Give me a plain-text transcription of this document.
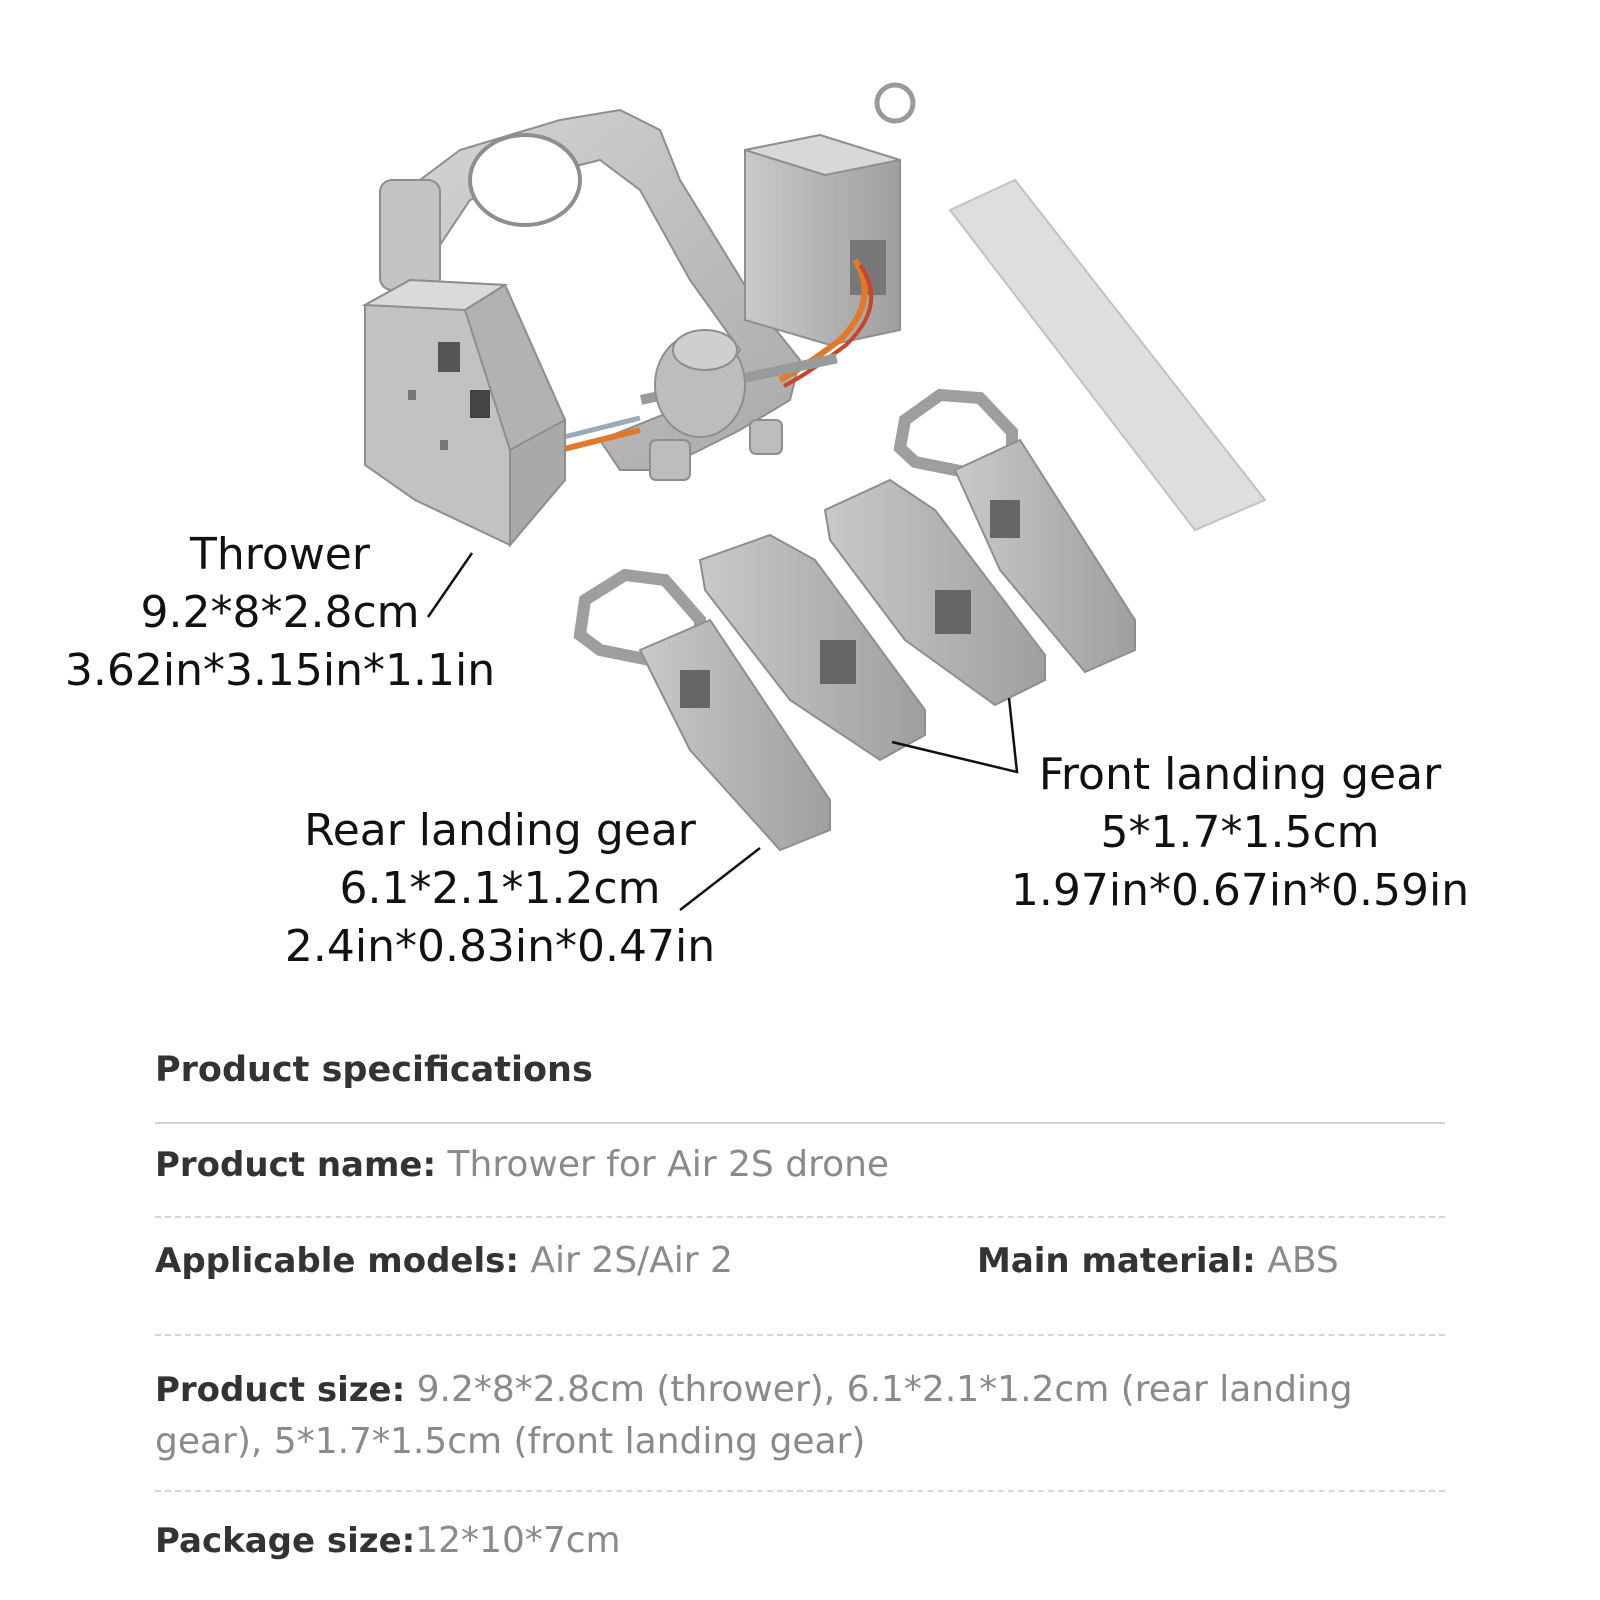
Thrower
9.2*8*2.8cm
3.62in*3.15in*1.1in
Rear landing gear
6.1*2.1*1.2cm
2.4in*0.83in*0.47in
Front landing gear
5*1.7*1.5cm
1.97in*0.67in*0.59in
Product specifications
Product name: Thrower for Air 2S drone
Applicable models: Air 2S/Air 2	Main material: ABS
Product size: 9.2*8*2.8cm (thrower), 6.1*2.1*1.2cm (rear landing gear), 5*1.7*1.5cm (front landing gear)
Package size:12*10*7cm
